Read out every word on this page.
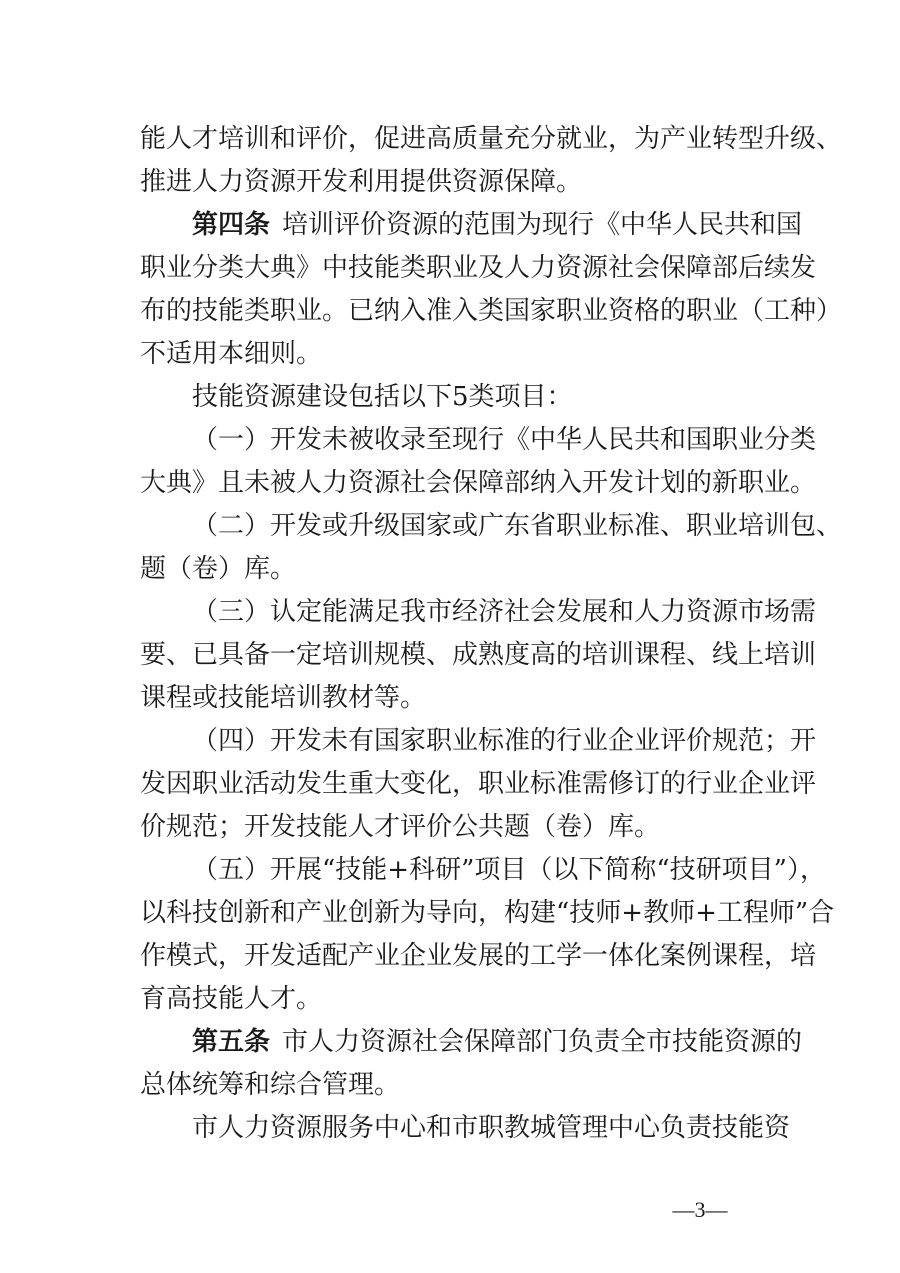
能人才培训和评价，促进高质量充分就业，为产业转型升级、
推进人力资源开发利用提供资源保障。
第四条 培训评价资源的范围为现行《中华人民共和国
职业分类大典》中技能类职业及人力资源社会保障部后续发
布的技能类职业。已纳入准入类国家职业资格的职业（工种）
不适用本细则。
技能资源建设包括以下5类项目：
（一）开发未被收录至现行《中华人民共和国职业分类
大典》且未被人力资源社会保障部纳入开发计划的新职业。
（二）开发或升级国家或广东省职业标准、职业培训包、
题（卷）库。
（三）认定能满足我市经济社会发展和人力资源市场需
要、已具备一定培训规模、成熟度高的培训课程、线上培训
课程或技能培训教材等。
（四）开发未有国家职业标准的行业企业评价规范；开
发因职业活动发生重大变化，职业标准需修订的行业企业评
价规范；开发技能人才评价公共题（卷）库。
（五）开展“技能+科研”项目（以下简称“技研项目”），
以科技创新和产业创新为导向，构建“技师+教师+工程师”合
作模式，开发适配产业企业发展的工学一体化案例课程，培
育高技能人才。
第五条 市人力资源社会保障部门负责全市技能资源的
总体统筹和综合管理。
市人力资源服务中心和市职教城管理中心负责技能资
—3—
